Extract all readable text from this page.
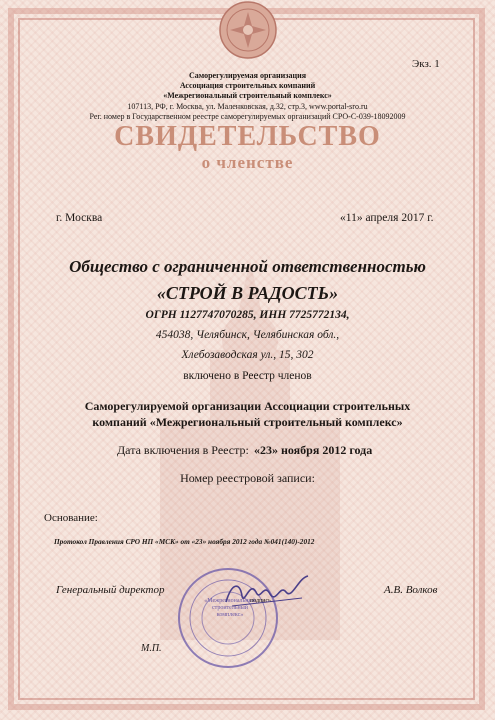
Экз. 1
Саморегулируемая организация
Ассоциация строительных компаний
«Межрегиональный строительный комплекс»
107113, РФ, г. Москва, ул. Маленковская, д.32, стр.3, www.portal-sro.ru
Рег. номер в Государственном реестре саморегулируемых организаций СРО-С-039-18092009
СВИДЕТЕЛЬСТВО
о членстве
г. Москва	«11» апреля 2017 г.
Общество с ограниченной ответственностью
«СТРОЙ В РАДОСТЬ»
ОГРН 1127747070285, ИНН 7725772134,
454038, Челябинск, Челябинская обл.,
Хлебозаводская ул., 15, 302
включено в Реестр членов
Саморегулируемой организации Ассоциации строительных
компаний «Межрегиональный строительный комплекс»
Дата включения в Реестр: «23» ноября 2012 года
Номер реестровой записи:
Основание:
Протокол Правления СРО НП «МСК» от «23» ноября 2012 года №041(140)-2012
«Межрегиональный строительный комплекс»
подпись
Генеральный директор	А.В. Волков
М.П.
